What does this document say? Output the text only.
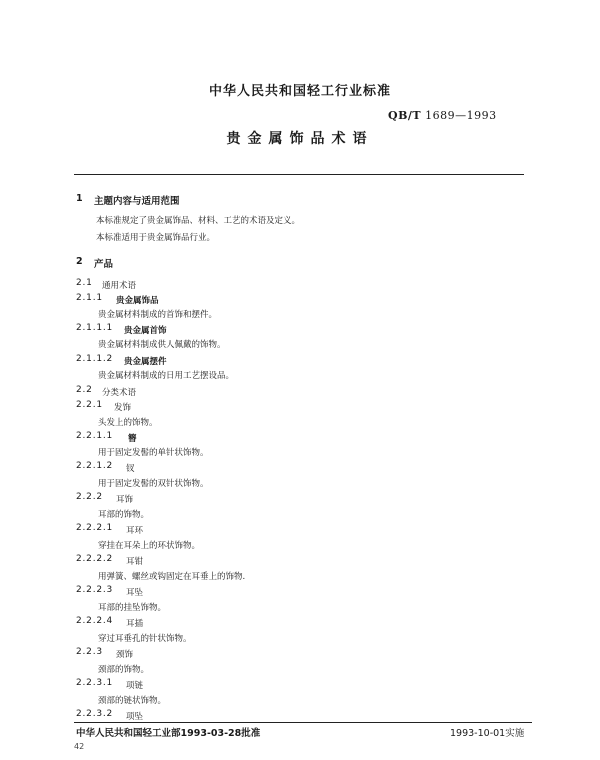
中华人民共和国轻工行业标准
QB/T 1689—1993
贵金属饰品术语
1 主题内容与适用范围
本标准规定了贵金属饰品、材料、工艺的术语及定义。
本标准适用于贵金属饰品行业。
2 产品
2.1 通用术语
2.1.1 贵金属饰品
贵金属材料制成的首饰和摆件。
2.1.1.1 贵金属首饰
贵金属材料制成供人佩戴的饰物。
2.1.1.2 贵金属摆件
贵金属材料制成的日用工艺摆设品。
2.2 分类术语
2.2.1 发饰
头发上的饰物。
2.2.1.1 簪
用于固定发髻的单针状饰物。
2.2.1.2 钗
用于固定发髻的双针状饰物。
2.2.2 耳饰
耳部的饰物。
2.2.2.1 耳环
穿挂在耳朵上的环状饰物。
2.2.2.2 耳钳
用弹簧、螺丝或钩固定在耳垂上的饰物.
2.2.2.3 耳坠
耳部的挂坠饰物。
2.2.2.4 耳插
穿过耳垂孔的针状饰物。
2.2.3 颈饰
颈部的饰物。
2.2.3.1 项链
颈部的链状饰物。
2.2.3.2 项坠
中华人民共和国轻工业部1993-03-28批准	1993-10-01实施
42
